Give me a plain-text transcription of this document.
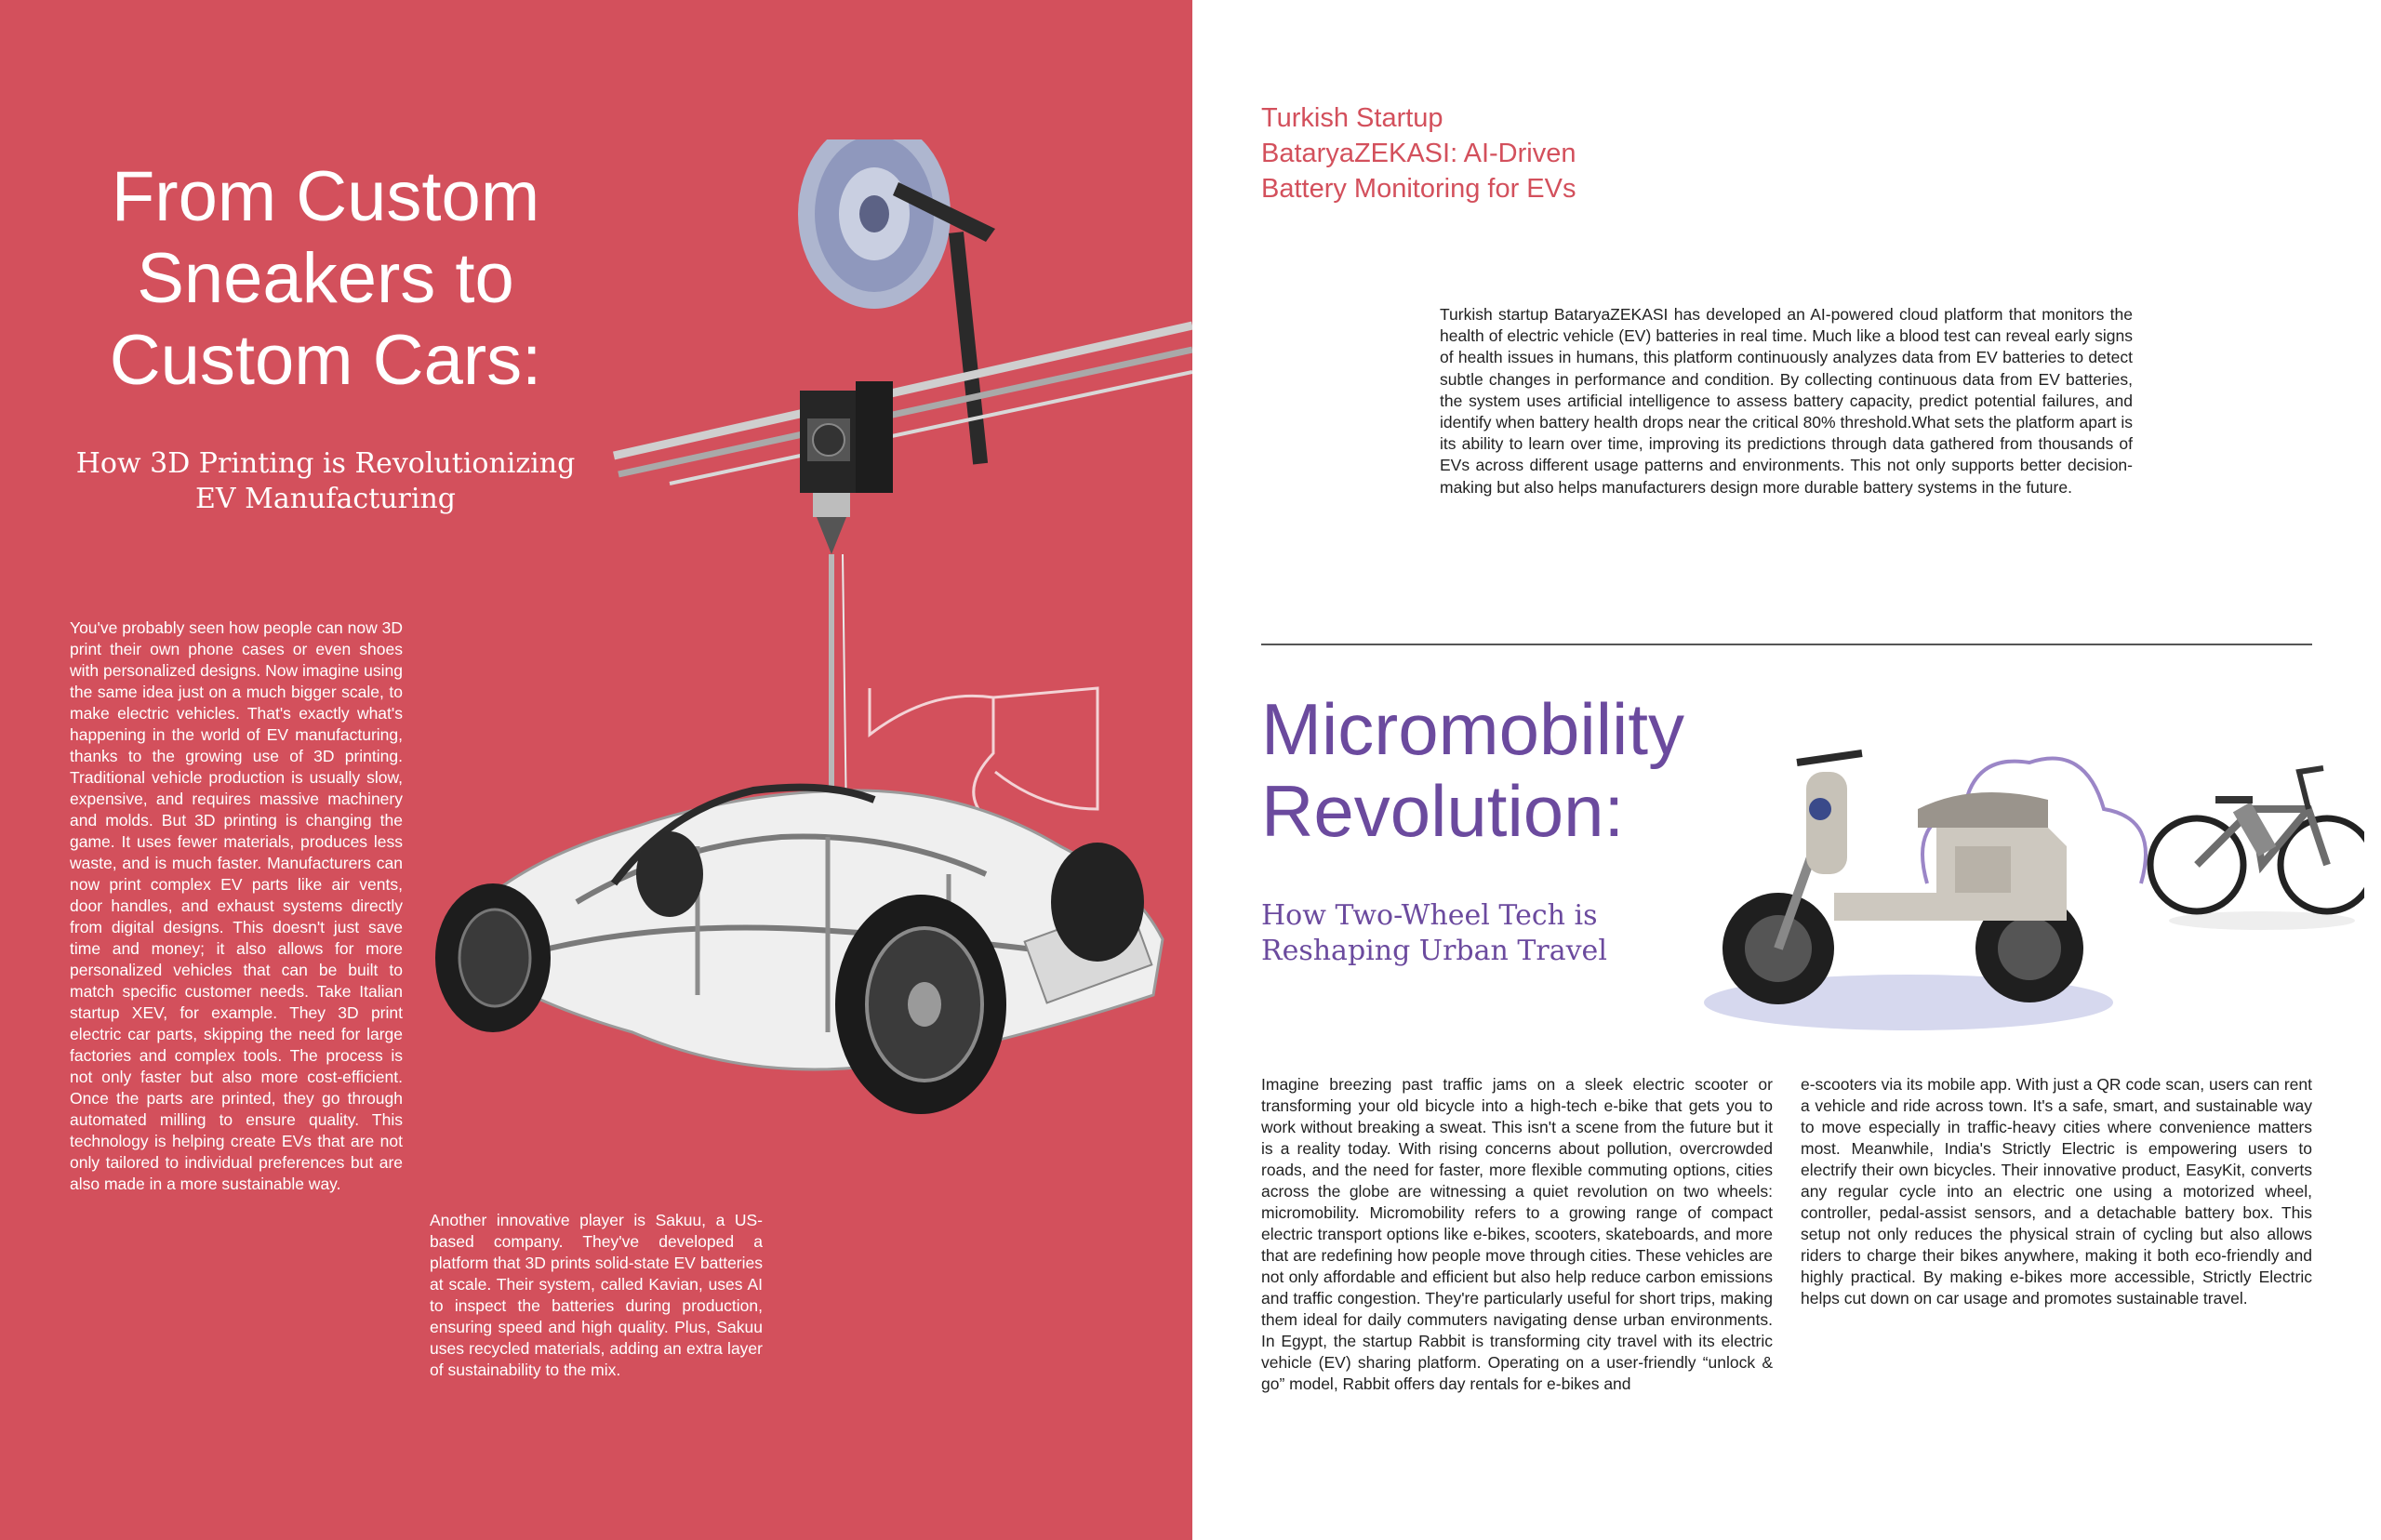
From Custom
Sneakers to
Custom Cars:
How 3D Printing is Revolutionizing
EV Manufacturing

You've probably seen how people can now 3D print their own phone cases or even shoes with personalized designs. Now imagine using the same idea just on a much bigger scale, to make electric vehicles. That's exactly what's happening in the world of EV manufacturing, thanks to the growing use of 3D printing. Traditional vehicle production is usually slow, expensive, and requires massive machinery and molds. But 3D printing is changing the game. It uses fewer materials, produces less waste, and is much faster. Manufacturers can now print complex EV parts like air vents, door handles, and exhaust systems directly from digital designs. This doesn't just save time and money; it also allows for more personalized vehicles that can be built to match specific customer needs. Take Italian startup XEV, for example. They 3D print electric car parts, skipping the need for large factories and complex tools. The process is not only faster but also more cost-efficient. Once the parts are printed, they go through automated milling to ensure quality. This technology is helping create EVs that are not only tailored to individual preferences but are also made in a more sustainable way.

Another innovative player is Sakuu, a US-based company. They've developed a platform that 3D prints solid-state EV batteries at scale. Their system, called Kavian, uses AI to inspect the batteries during production, ensuring speed and high quality. Plus, Sakuu uses recycled materials, adding an extra layer of sustainability to the mix.

Turkish Startup
BataryaZEKASI: AI-Driven
Battery Monitoring for EVs

Turkish startup BataryaZEKASI has developed an AI-powered cloud platform that monitors the health of electric vehicle (EV) batteries in real time. Much like a blood test can reveal early signs of health issues in humans, this platform continuously analyzes data from EV batteries to detect subtle changes in performance and condition. By collecting continuous data from EV batteries, the system uses artificial intelligence to assess battery capacity, predict potential failures, and identify when battery health drops near the critical 80% threshold.What sets the platform apart is its ability to learn over time, improving its predictions through data gathered from thousands of EVs across different usage patterns and environments. This not only supports better decision-making but also helps manufacturers design more durable battery systems in the future.

Micromobility
Revolution:
How Two-Wheel Tech is
Reshaping Urban Travel

Imagine breezing past traffic jams on a sleek electric scooter or transforming your old bicycle into a high-tech e-bike that gets you to work without breaking a sweat. This isn't a scene from the future but it is a reality today. With rising concerns about pollution, overcrowded roads, and the need for faster, more flexible commuting options, cities across the globe are witnessing a quiet revolution on two wheels: micromobility. Micromobility refers to a growing range of compact electric transport options like e-bikes, scooters, skateboards, and more that are redefining how people move through cities. These vehicles are not only affordable and efficient but also help reduce carbon emissions and traffic congestion. They're particularly useful for short trips, making them ideal for daily commuters navigating dense urban environments. In Egypt, the startup Rabbit is transforming city travel with its electric vehicle (EV) sharing platform. Operating on a user-friendly “unlock & go” model, Rabbit offers day rentals for e-bikes and

e-scooters via its mobile app. With just a QR code scan, users can rent a vehicle and ride across town. It's a safe, smart, and sustainable way to move especially in traffic-heavy cities where convenience matters most. Meanwhile, India's Strictly Electric is empowering users to electrify their own bicycles. Their innovative product, EasyKit, converts any regular cycle into an electric one using a motorized wheel, controller, pedal-assist sensors, and a detachable battery box. This setup not only reduces the physical strain of cycling but also allows riders to charge their bikes anywhere, making it both eco-friendly and highly practical. By making e-bikes more accessible, Strictly Electric helps cut down on car usage and promotes sustainable travel.
